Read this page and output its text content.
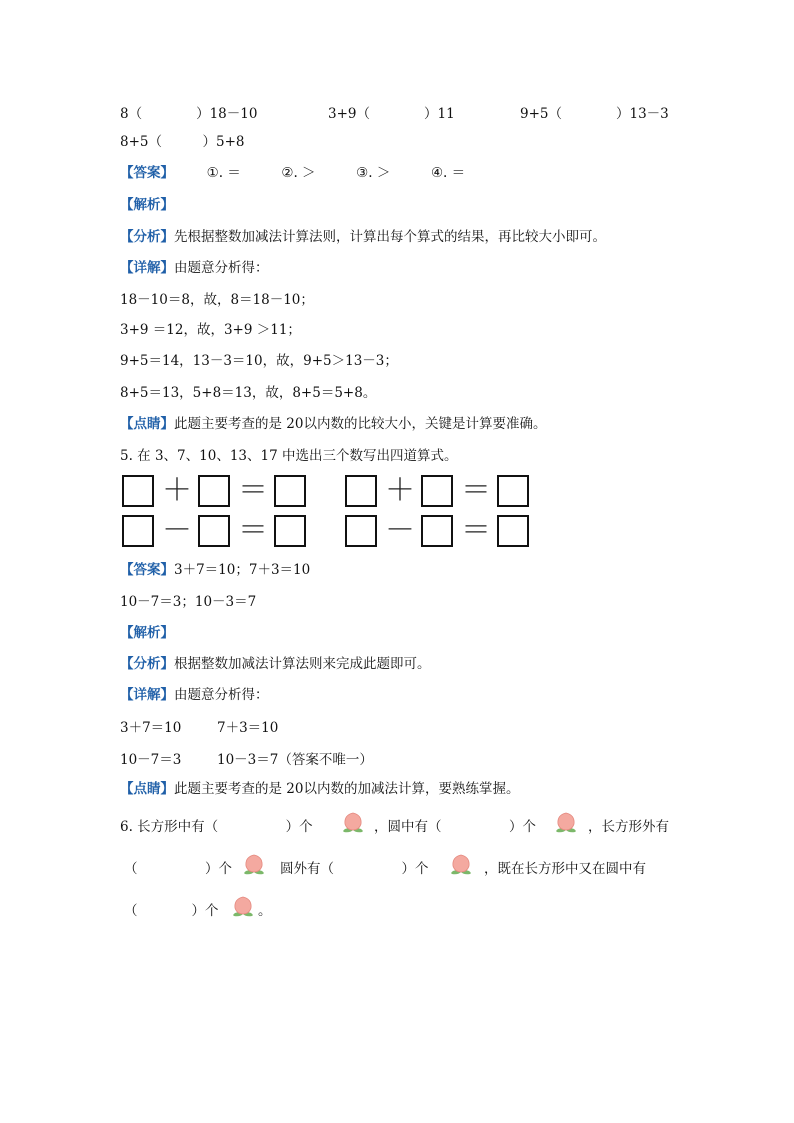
8（　　　　）18－10	3+9（　　　　）11	9+5（　　　　）13－3
8+5（　　　）5+8
【答案】 ①. ＝	②. ＞	③. ＞	④. ＝
【解析】
【分析】先根据整数加减法计算法则，计算出每个算式的结果，再比较大小即可。
【详解】由题意分析得：
18－10＝8，故，8＝18－10；
3+9 ＝12，故，3+9 ＞11；
9+5＝14，13－3＝10，故，9+5＞13－3；
8+5＝13，5+8＝13，故，8+5＝5+8。
【点睛】此题主要考查的是 20以内数的比较大小，关键是计算要准确。
5. 在 3、7、10、13、17 中选出三个数写出四道算式。
＋ ＝	＋ ＝
－ ＝	－ ＝
【答案】3＋7＝10；7＋3＝10
10－7＝3；10－3＝7
【解析】
【分析】根据整数加减法计算法则来完成此题即可。
【详解】由题意分析得：
3＋7＝10	7＋3＝10
10－7＝3	10－3＝7（答案不唯一）
【点睛】此题主要考查的是 20以内数的加减法计算，要熟练掌握。
6. 长方形中有（　　　　　）个	，圆中有（　　　　　）个	，长方形外有
（　　　　　）个	圆外有（　　　　　）个	，既在长方形中又在圆中有
（　　　　）个	。
